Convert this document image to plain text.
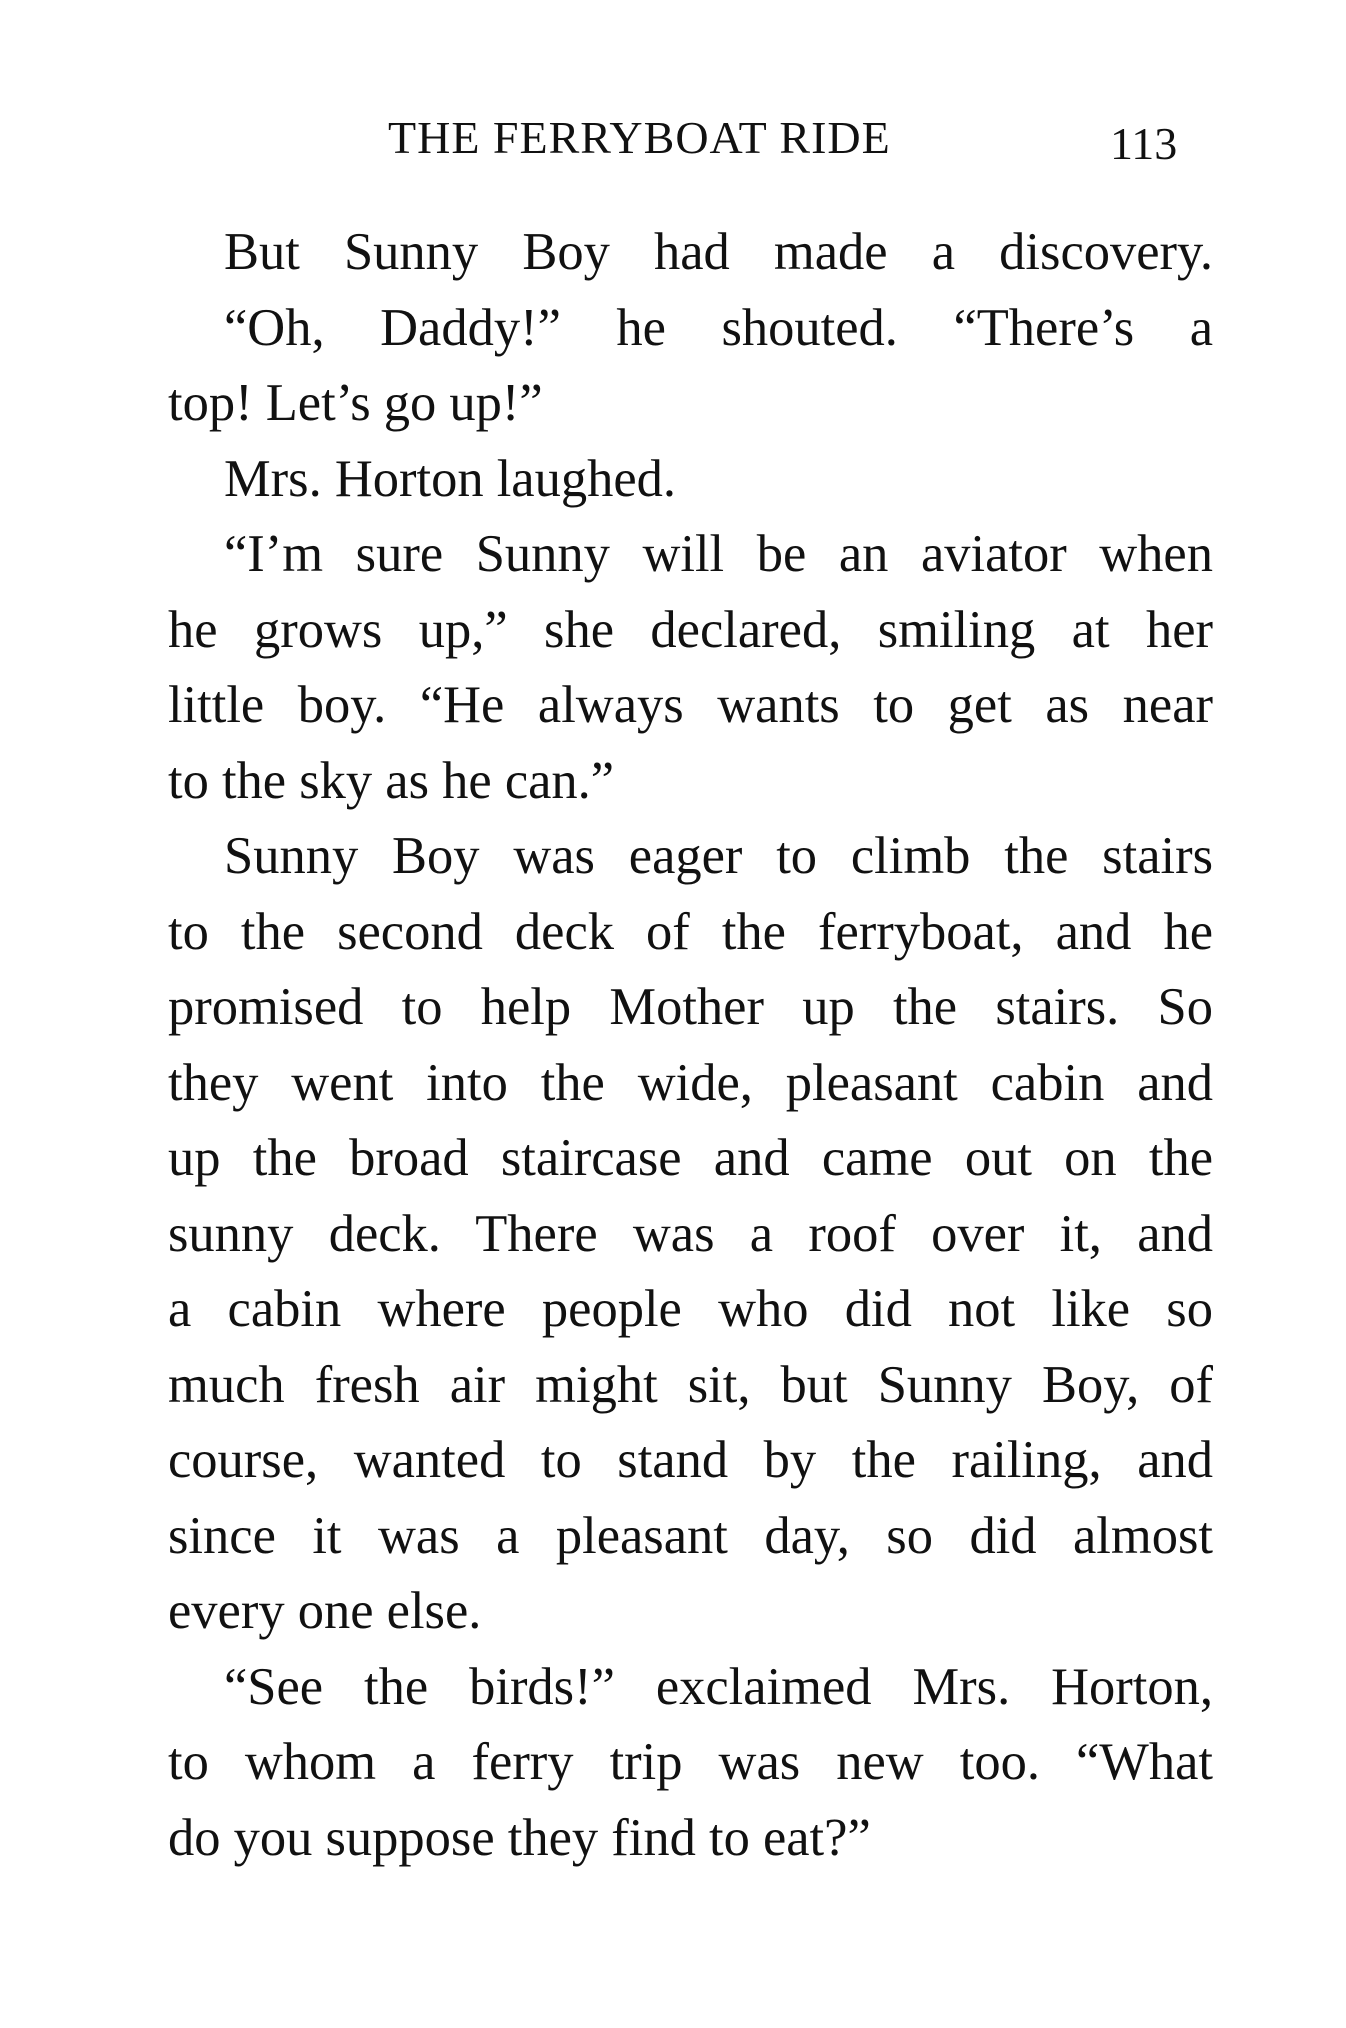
THE FERRYBOAT RIDE	113
But Sunny Boy had made a discovery.
“Oh, Daddy!” he shouted. “There’s a
top! Let’s go up!”
Mrs. Horton laughed.
“I’m sure Sunny will be an aviator when
he grows up,” she declared, smiling at her
little boy. “He always wants to get as near
to the sky as he can.”
Sunny Boy was eager to climb the stairs
to the second deck of the ferryboat, and he
promised to help Mother up the stairs. So
they went into the wide, pleasant cabin and
up the broad staircase and came out on the
sunny deck. There was a roof over it, and
a cabin where people who did not like so
much fresh air might sit, but Sunny Boy, of
course, wanted to stand by the railing, and
since it was a pleasant day, so did almost
every one else.
“See the birds!” exclaimed Mrs. Horton,
to whom a ferry trip was new too. “What
do you suppose they find to eat?”
